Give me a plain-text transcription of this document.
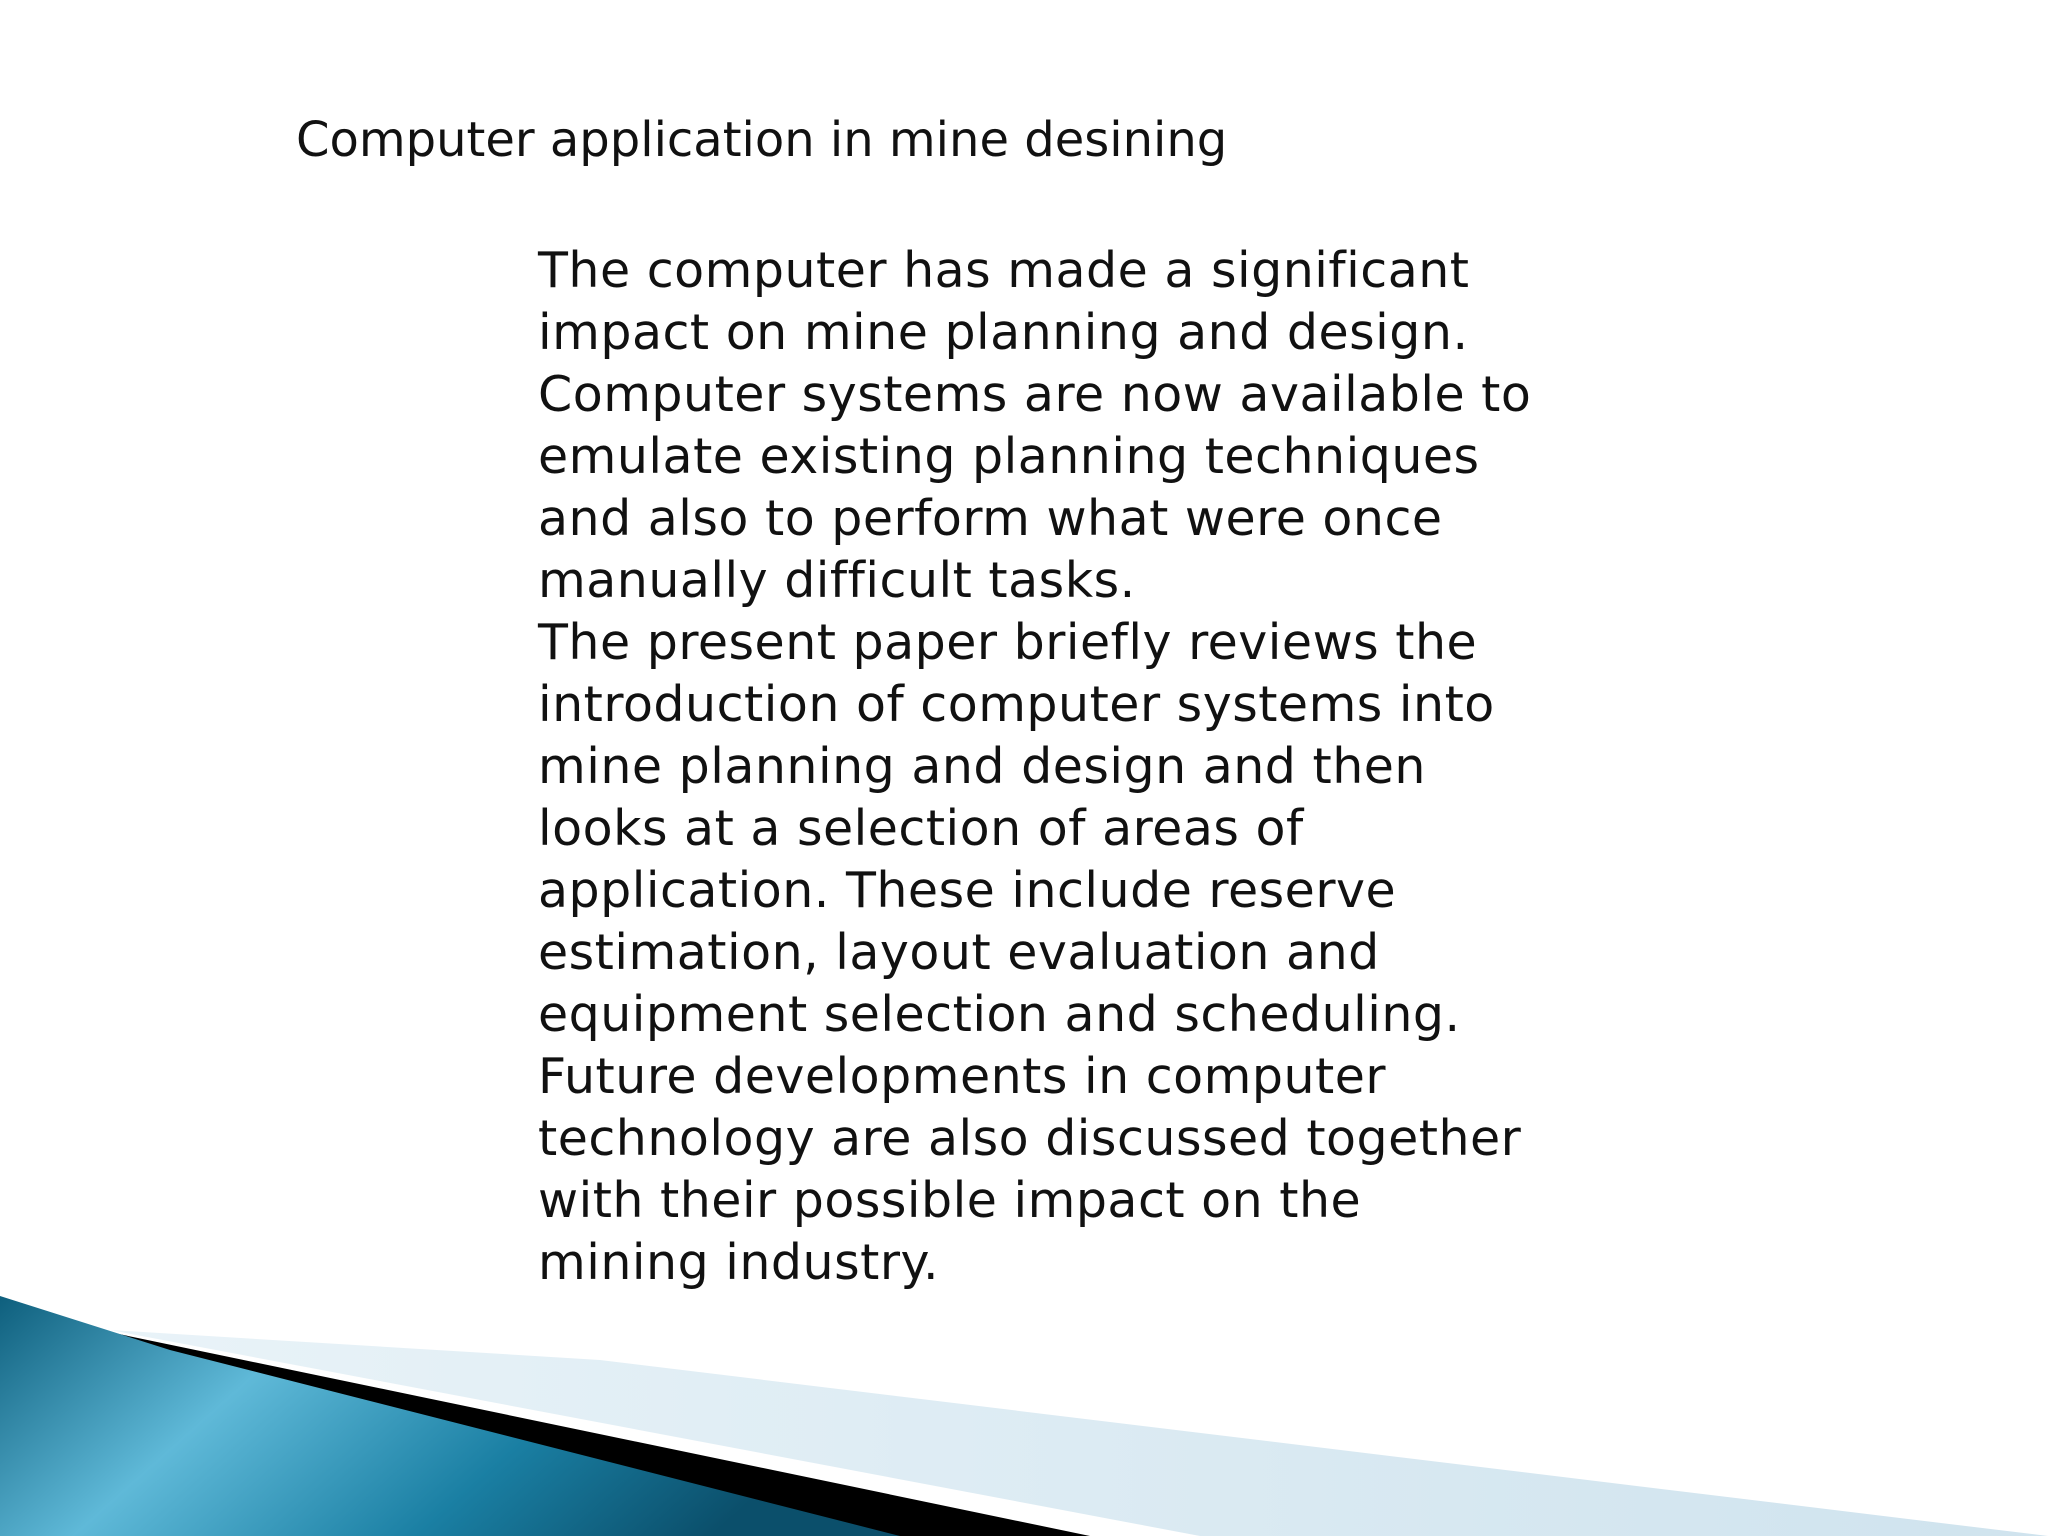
Computer application in mine desining
The computer has made a significant
impact on mine planning and design.
Computer systems are now available to
emulate existing planning techniques
and also to perform what were once
manually difficult tasks.
The present paper briefly reviews the
introduction of computer systems into
mine planning and design and then
looks at a selection of areas of
application. These include reserve
estimation, layout evaluation and
equipment selection and scheduling.
Future developments in computer
technology are also discussed together
with their possible impact on the
mining industry.
